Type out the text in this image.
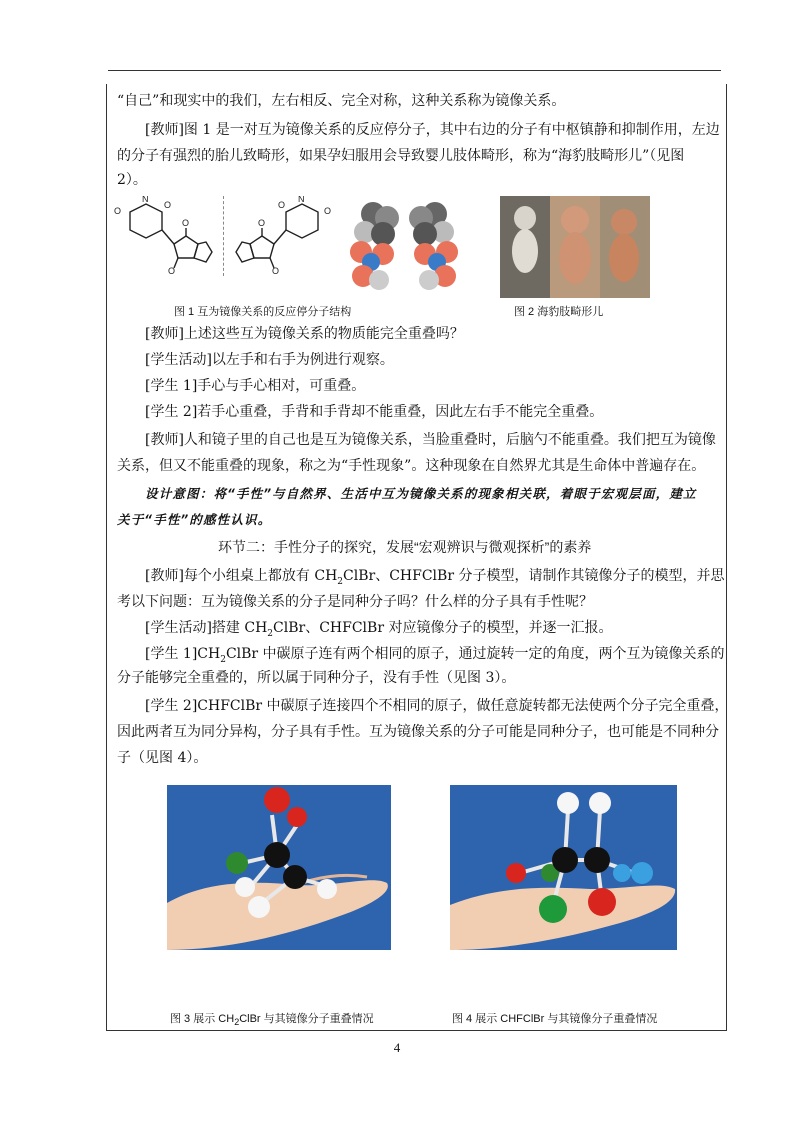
“自己”和现实中的我们，左右相反、完全对称，这种关系称为镜像关系。
[教师]图 1 是一对互为镜像关系的反应停分子，其中右边的分子有中枢镇静和抑制作用，左边
的分子有强烈的胎儿致畸形，如果孕妇服用会导致婴儿肢体畸形，称为“海豹肢畸形儿”（见图
2）。
O
N
O
O
O
O
N
O
O
O
图 1 互为镜像关系的反应停分子结构	图 2 海豹肢畸形儿
[教师]上述这些互为镜像关系的物质能完全重叠吗？
[学生活动]以左手和右手为例进行观察。
[学生 1]手心与手心相对，可重叠。
[学生 2]若手心重叠，手背和手背却不能重叠，因此左右手不能完全重叠。
[教师]人和镜子里的自己也是互为镜像关系，当脸重叠时，后脑勺不能重叠。我们把互为镜像
关系，但又不能重叠的现象，称之为“手性现象”。这种现象在自然界尤其是生命体中普遍存在。
设计意图：将“手性”与自然界、生活中互为镜像关系的现象相关联，着眼于宏观层面，建立
关于“手性”的感性认识。
环节二：手性分子的探究，发展“宏观辨识与微观探析”的素养
[教师]每个小组桌上都放有 $CH_2ClBr$、CHFClBr 分子模型，请制作其镜像分子的模型，并思
考以下问题：互为镜像关系的分子是同种分子吗？什么样的分子具有手性呢？
[学生活动]搭建 $CH_2ClBr$、CHFClBr 对应镜像分子的模型，并逐一汇报。
[学生 $1]CH_2ClBr$ 中碳原子连有两个相同的原子，通过旋转一定的角度，两个互为镜像关系的
分子能够完全重叠的，所以属于同种分子，没有手性（见图 3）。
[学生 2]CHFClBr 中碳原子连接四个不相同的原子，做任意旋转都无法使两个分子完全重叠，
因此两者互为同分异构，分子具有手性。互为镜像关系的分子可能是同种分子，也可能是不同种分
子（见图 4）。
图 3 展示 $CH_2ClBr$ 与其镜像分子重叠情况	图 4 展示 CHFClBr 与其镜像分子重叠情况
4
